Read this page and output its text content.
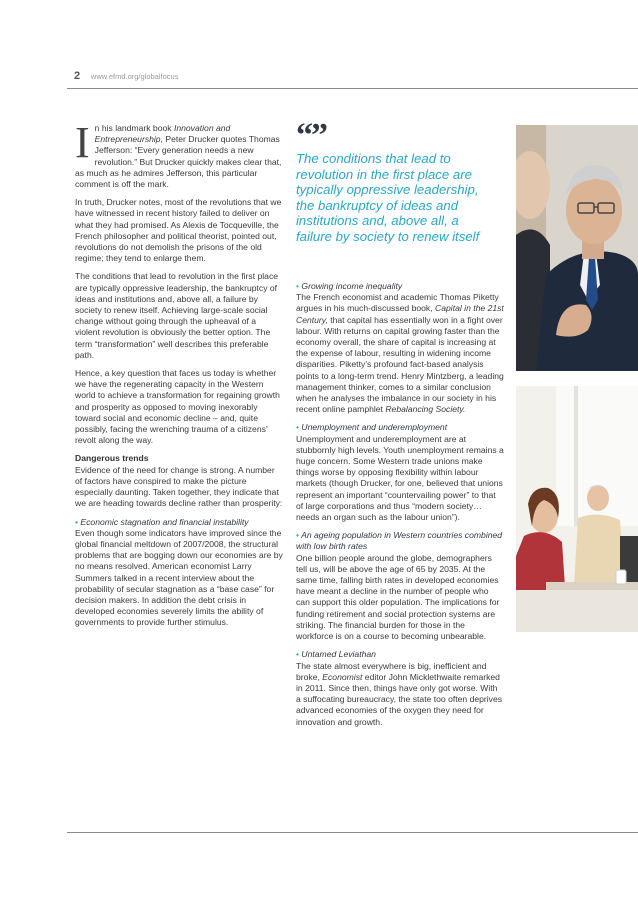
2 www.efmd.org/globalfocus

In his landmark book Innovation and Entrepreneurship, Peter Drucker quotes Thomas Jefferson: “Every generation needs a new revolution.” But Drucker quickly makes clear that, as much as he admires Jefferson, this particular comment is off the mark.

In truth, Drucker notes, most of the revolutions that we have witnessed in recent history failed to deliver on what they had promised. As Alexis de Tocqueville, the French philosopher and political theorist, pointed out, revolutions do not demolish the prisons of the old regime; they tend to enlarge them.

The conditions that lead to revolution in the first place are typically oppressive leadership, the bankruptcy of ideas and institutions and, above all, a failure by society to renew itself. Achieving large-scale social change without going through the upheaval of a violent revolution is obviously the better option. The term “transformation” well describes this preferable path.

Hence, a key question that faces us today is whether we have the regenerating capacity in the Western world to achieve a transformation for regaining growth and prosperity as opposed to moving inexorably toward social and economic decline – and, quite possibly, facing the wrenching trauma of a citizens’ revolt along the way.

Dangerous trends

Evidence of the need for change is strong. A number of factors have conspired to make the picture especially daunting. Taken together, they indicate that we are heading towards decline rather than prosperity:

• Economic stagnation and financial instability

Even though some indicators have improved since the global financial meltdown of 2007/2008, the structural problems that are bogging down our economies are by no means resolved. American economist Larry Summers talked in a recent interview about the probability of secular stagnation as a “base case” for decision makers. In addition the debt crisis in developed economies severely limits the ability of governments to provide further stimulus.

“”
The conditions that lead to revolution in the first place are typically oppressive leadership, the bankruptcy of ideas and institutions and, above all, a failure by society to renew itself
• Growing income inequality

The French economist and academic Thomas Piketty argues in his much-discussed book, Capital in the 21st Century, that capital has essentially won in a fight over labour. With returns on capital growing faster than the economy overall, the share of capital is increasing at the expense of labour, resulting in widening income disparities. Piketty’s profound fact-based analysis points to a long-term trend. Henry Mintzberg, a leading management thinker, comes to a similar conclusion when he analyses the imbalance in our society in his recent online pamphlet Rebalancing Society.

• Unemployment and underemployment

Unemployment and underemployment are at stubbornly high levels. Youth unemployment remains a huge concern. Some Western trade unions make things worse by opposing flexibility within labour markets (though Drucker, for one, believed that unions represent an important “countervailing power” to that of large corporations and thus “modern society… needs an organ such as the labour union”).

• An ageing population in Western countries combined with low birth rates

One billion people around the globe, demographers tell us, will be above the age of 65 by 2035. At the same time, falling birth rates in developed economies have meant a decline in the number of people who can support this older population. The implications for funding retirement and social protection systems are striking. The financial burden for those in the workforce is on a course to becoming unbearable.

• Untamed Leviathan

The state almost everywhere is big, inefficient and broke, Economist editor John Micklethwaite remarked in 2011. Since then, things have only got worse. With a suffocating bureaucracy, the state too often deprives advanced economies of the oxygen they need for innovation and growth.
